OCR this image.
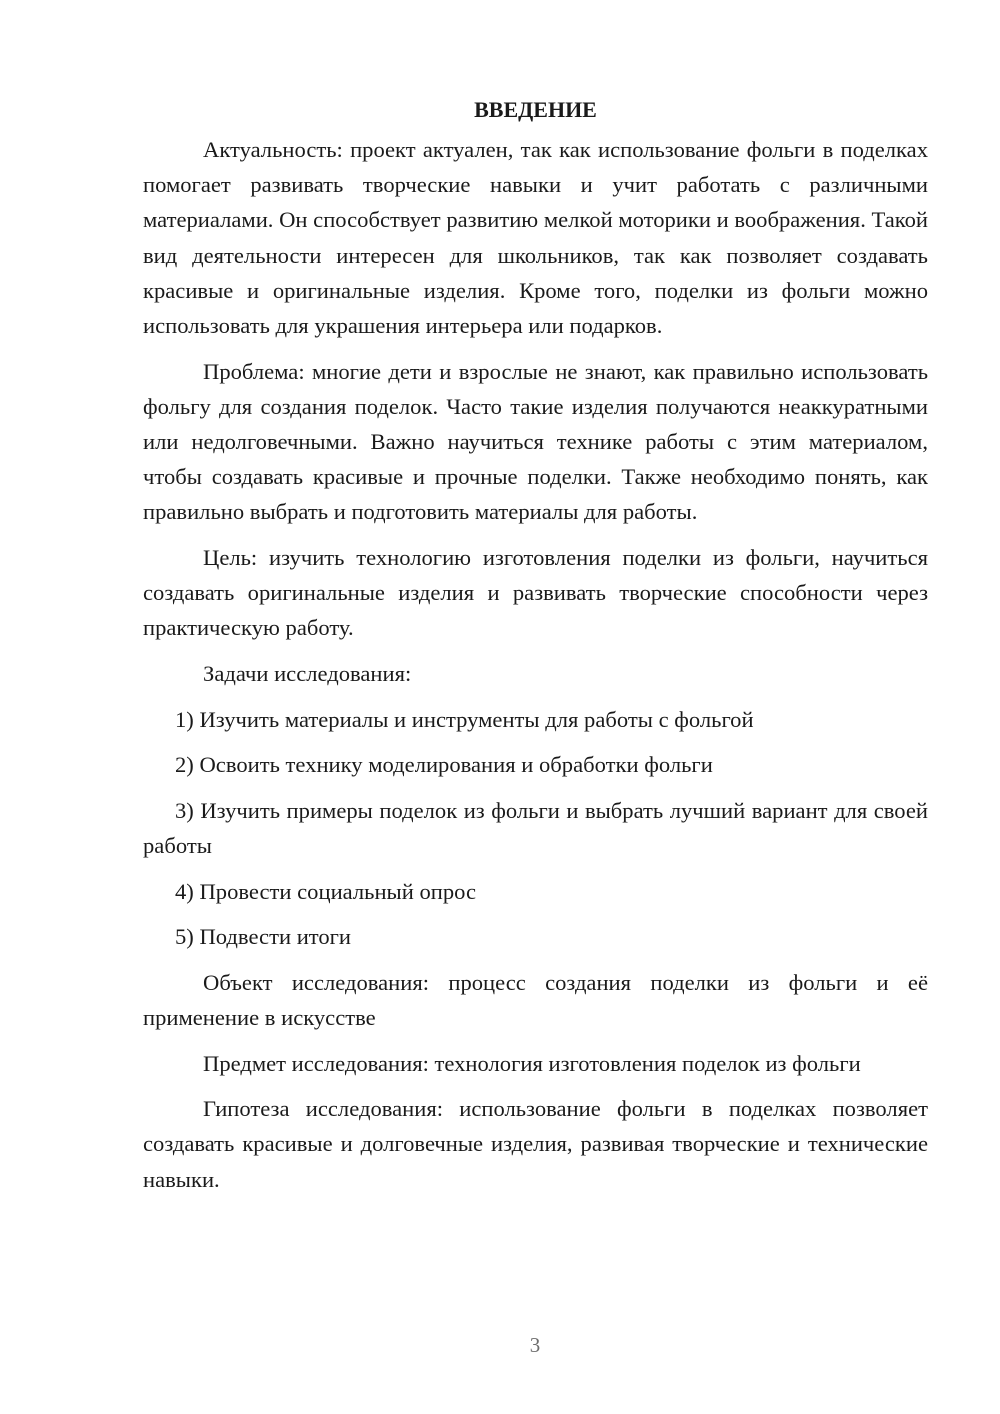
ВВЕДЕНИЕ

Актуальность: проект актуален, так как использование фольги в поделках помогает развивать творческие навыки и учит работать с различными материалами. Он способствует развитию мелкой моторики и воображения. Такой вид деятельности интересен для школьников, так как позволяет создавать красивые и оригинальные изделия. Кроме того, поделки из фольги можно использовать для украшения интерьера или подарков.

Проблема: многие дети и взрослые не знают, как правильно использовать фольгу для создания поделок. Часто такие изделия получаются неаккуратными или недолговечными. Важно научиться технике работы с этим материалом, чтобы создавать красивые и прочные поделки. Также необходимо понять, как правильно выбрать и подготовить материалы для работы.

Цель: изучить технологию изготовления поделки из фольги, научиться создавать оригинальные изделия и развивать творческие способности через практическую работу.

Задачи исследования:

1) Изучить материалы и инструменты для работы с фольгой

2) Освоить технику моделирования и обработки фольги

3) Изучить примеры поделок из фольги и выбрать лучший вариант для своей работы

4) Провести социальный опрос

5) Подвести итоги

Объект исследования: процесс создания поделки из фольги и её применение в искусстве

Предмет исследования: технология изготовления поделок из фольги

Гипотеза исследования: использование фольги в поделках позволяет создавать красивые и долговечные изделия, развивая творческие и технические навыки.

3
